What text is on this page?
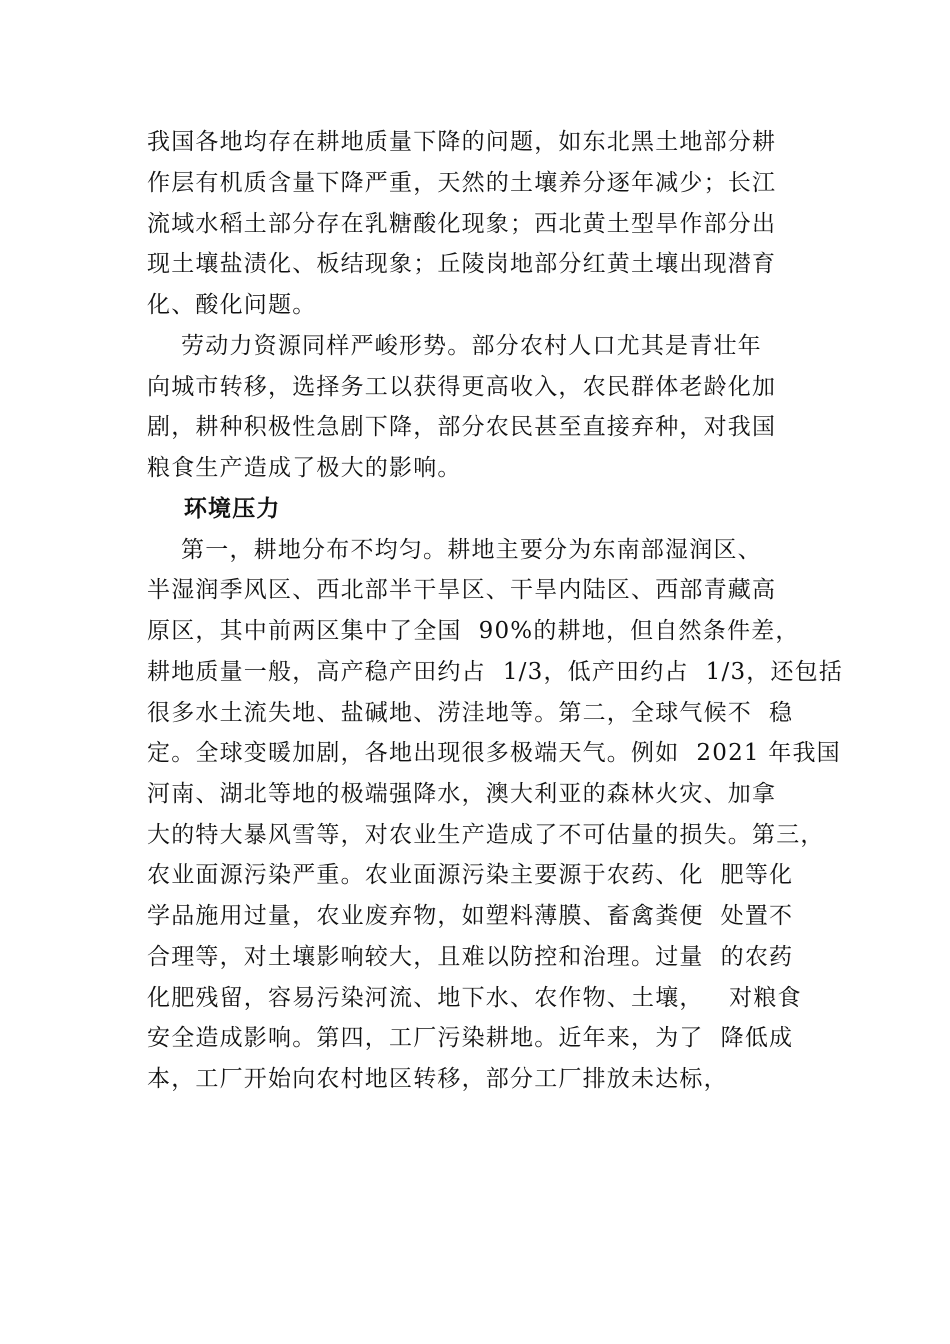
我国各地均存在耕地质量下降的问题，如东北黑土地部分耕
作层有机质含量下降严重，天然的土壤养分逐年减少；长江
流域水稻土部分存在乳糖酸化现象；西北黄土型旱作部分出
现土壤盐渍化、板结现象；丘陵岗地部分红黄土壤出现潜育
化、酸化问题。
劳动力资源同样严峻形势。部分农村人口尤其是青壮年
向城市转移，选择务工以获得更高收入，农民群体老龄化加
剧，耕种积极性急剧下降，部分农民甚至直接弃种，对我国
粮食生产造成了极大的影响。
环境压力
第一，耕地分布不均匀。耕地主要分为东南部湿润区、
半湿润季风区、西北部半干旱区、干旱内陆区、西部青藏高
原区，其中前两区集中了全国  90%的耕地，但自然条件差，
耕地质量一般，高产稳产田约占  1/3，低产田约占  1/3，还包括
很多水土流失地、盐碱地、涝洼地等。第二，全球气候不  稳
定。全球变暖加剧，各地出现很多极端天气。例如  2021 年我国
河南、湖北等地的极端强降水，澳大利亚的森林火灾、加拿
大的特大暴风雪等，对农业生产造成了不可估量的损失。第三，
农业面源污染严重。农业面源污染主要源于农药、化  肥等化
学品施用过量，农业废弃物，如塑料薄膜、畜禽粪便  处置不
合理等，对土壤影响较大，且难以防控和治理。过量  的农药
化肥残留，容易污染河流、地下水、农作物、土壤，   对粮食
安全造成影响。第四，工厂污染耕地。近年来，为了  降低成
本，工厂开始向农村地区转移，部分工厂排放未达标，
